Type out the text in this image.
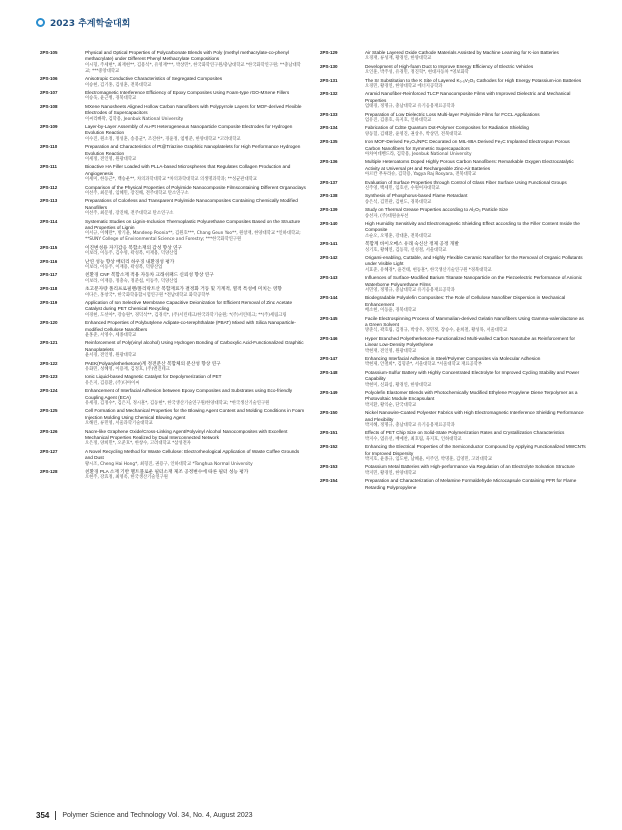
2023 추계학술대회
2PS-105	Physical and Optical Properties of Polycarbonate Blends with Poly (methyl methacrylate-co-phenyl methacrylate) under Different Phenyl Methacrylate Compositions
이시형, 주세현*, 최재현**, 김용석*, 유영재***, 박상민*, 한국화학연구원/충남대학교 *한국화학연구원; **충남대학교; ***중앙대학교
2PS-106	Anisotropic Conductive Characteristics of Segregated Composites
이승현, 김기홍, 김성훈, 전북대학교
2PS-107	Electromagnetic Interference Efficiency of Epoxy Composites Using Foam-type rGO-MXene Fillers
이승욱, 윤근병, 경북대학교
2PS-108	MXene Nanosheets Aligned Hollow Carbon Nanofibers with Polypyrrole Layers for MOF-derived Flexible Electrodes of Supercapacitors
이씨리빠딱, 김학용, Jeonbuk National University
2PS-109	Layer-by-Layer Assembly of Au-Pt Heterogeneous Nanoparticle Composite Electrodes for Hydrogen Evolution Reaction
이수진, 원소정, 정성훈, 송용균*, 조진한*, 경윤정, 염병준, 한양대학교 *고려대학교
2PS-110	Preparation and Characteristics of Pt@Triazine Graphitic Nanoplatelets for High Performance Hydrogen Evolution Reaction
이세정, 전인영, 원광대학교
2PS-111	Bioactive HA Filler Loaded with PLLA-based Microspheres that Regulates Collagen Production and Angiogenesis
이세미, 한동근*, 백승운**, 차의과학대학교 *차의과학대학교 의생명과학과; **성균관대학교
2PS-112	Comparison of the Physical Properties of Polyimide Nanocomposite Filmscontaining Different Organoclays
이선주, 최문영, 임혜민, 장진해, 전주대학교 탄소연구소
2PS-113	Preparations of Colorless and Transparent Polyimide Nanocomposites Containing Chemically Modified Nanofillers
이선주, 최문영, 장진해, 전주대학교 탄소연구소
2PS-114	Systematic Studies on Lignin-Inclusion Thermoplastic Polyurethane Composites Based on the Structure and Properties of Lignin
이서규, 이혜란*, 방기윤, Mandeep Poonia**, 김원호***, Chang Geun Yoo**, 원창재, 한양대학교 *인하대학교; **SUNY College of Environmental Science and Forestry; ***한국화학연구원
2PS-115	이진변성용 자기감응 복합소재의 감성 향상 연구
이보라, 이동주, 김수영, 곽성복, 이재용, 덕양산업
2PS-116	난연 성능 향상 배터리 하우징 내환경성 평가
이보라, 이동주, 이재용, 곽성복, 덕양산업
2PS-117	친환경 CNF 복합소재 적용 자동차 크래쉬패드 신뢰성 향상 연구
이보라, 이재용, 정충숙, 정준섭, 이동주, 덕양산업
2PS-118	초고분자량 폴리프로필렌/폴리락트산 복합재료가 결정화 거동 및 기계적, 열적 특성에 미치는 영향
이다은, 홍창국*, 한국화학융합시험연구원 *전남대학교 화학공학부
2PS-119	Application of Ion Selective Membrane Capacitive Deionization for Efficient Removal of Zinc Acetate Catalyst during PET Chemical Recycling
이경현, 도선아*, 강승원*, 경덕석**, 김경석*, (주)서린테크/한국과학기술원; *(주)서린테크; **(주)세림크링
2PS-120	Enhanced Properties of Polybutylene Adipate-co-terephthalate (PBAT) Mixed with Silica Nanoparticle-modified Cellulose Nanofibers
윤홍준, 서영수, 세종대학교
2PS-121	Reinforcement of Poly(vinyl alcohol) Using Hydrogen Bonding of Carboxylic Acid-Functionalized Graphitic Nanoplatelets
윤서경, 전인영, 원광대학교
2PS-122	PAEK(Polyaryletherketone)계 정전분산 복합체의 분산성 향상 연구
유화민, 성혜영, 이용재, 김정호, (주)엔진테크
2PS-123	Ionic Liquid-based Magnetic Catalyst for Depolymerization of PET
유은지, 김용환, (주)디아이씨
2PS-124	Enhancement of Interfacial Adhesion between Epoxy Composites and Substrates using Eco-friendly Coupling Agent (ECA)
유세경, 김정수*, 김은지, 정시훈*, 김동현*, 한국생산기술연구원/한양대학교; *한국생산기술연구원
2PS-125	Cell Formation and Mechanical Properties for the Blowing Agent Content and Molding Conditions in Foam Injection Molding Using Chemical Blowing Agent
오해린, 류민영, 서울과학기술대학교
2PS-126	Nacre-like Graphene Oxide/Cross-Linking Agent/Polyvinyl Alcohol Nanocomposites with Excellent Mechanical Properties Realized by Dual Interconnected Network
오은정, 양희민*, 오준호*, 한창수, 고려대학교 *삼성전자
2PS-127	A Novel Recycling Method for Waste Cellulose: Electrorheological Application of Waste Coffee Grounds and Dust
왕시조, Cheng Hai Hong*, 최형진, 권용구, 인하대학교 *Tonghua Normal University
2PS-128	친환경 PLA 소재 기반 멜트블로운 필터소재 제조 공정변수에 따른 필터 성능 평가
오현주, 강효정, 최영옥, 한국생산기술연구원
2PS-129	Air Stable Layered Oxide Cathode Materials Assisted by Machine Learning for K-ion Batteries
오경재, 류성재, 황경연, 한양대학교
2PS-130	Development of High-foam Duct to Improve Energy Efficiency of Electric Vehicles
오인훈, 박주성, 유경민, 정진혁*, 현대자동차 *영보화학
2PS-131	The Sr Substitution to the K Site of Layered K₀.₅V₂O₅ Cathodes for High Energy Potassium-ion Batteries
오경민, 황경연, 한양대학교 에너지공학과
2PS-132	Aramid Nanofiber-Reinforced TLCP Nanocomposite Films with Improved Dielectric and Mechanical Properties
엄태경, 정명규, 충남대학교 유기응용재료공학과
2PS-133	Preparation of Low Dielectric Loss Multi-layer Polyimide Films for FCCL Applications
엄유진, 김중호, 육지호, 인하대학교
2PS-134	Fabrication of CdSe Quantum Dot-Polymer Composites for Radiation Shielding
양동혈, 김태환, 윤영진, 권상우, 박상민, 전북대학교
2PS-135	Iron MOF-Derived Fe₃O₄/NPC Decorated on MIL-88A Derived Fe₃C Implanted Electrospun Porous Carbon Nanofibers for Symmetric Supercapacitors
아차여데벤드라, 김학용, Jeonbuk National University
2PS-136	Multiple Heteroatoms Doped Highly Porous Carbon Nanofibers: Remarkable Oxygen Electrocatalytic Activity at Universal pH and Rechargeable Zinc-Air Batteries
아르칸 무투라슈, 김학용, Yagya Raj Rosyara, 전북대학교
2PS-137	Evaluation of Surface Properties through Control of Glass Fiber Surface Using Functional Groups
신주영, 백세민, 임호선, 수원여자대학교
2PS-138	Synthesis of Phosphorus-based Flame Retardant
송은석, 김민관, 김현도, 경북대학교
2PS-139	Study on Thermal Grease Properties according to Al₂O₃ Particle Size
송선자, (주)대원솔루션
2PS-140	High Humidity Sensitivity and Electromagnetic Shielding Effect according to the Filler Content Inside the Composite
소순오, 오명훈, 강대훈, 전북대학교
2PS-141	복합계 바이오매스 유래 숙신산 정제 공정 개발
성기호, 황혜연, 김동혁, 신성철, 서울대학교
2PS-142	Origami-enabling, Cuttable, and Highly Flexible Ceramic Nanofiber for the Removal of Organic Pollutants under Visible Light
서효준, 유혜경*, 윤건태, 현동훈*, 한국생산기술연구원 *경북대학교
2PS-143	Influences of Surface-Modified Barium Titanate Nanoparticle on the Piezoelectric Performance of Anionic Waterborne Polyurethane Films
서민영, 정명규, 충남대학교 유기응용재료공학과
2PS-144	Biodegradable Polyolefin Composites: The Role of Cellulose Nanofiber Dispersion in Mechanical Enhancement
배소현, 이동윤, 경북대학교
2PS-145	Facile Electrospinning Process of Mammalian-derived Gelatin Nanofibers Using Gamma-valerolactone as a Green Solvent
방준식, 곽호림, 김정규, 박상우, 정민정, 장승수, 윤희철, 황성목, 서울대학교
2PS-146	Hyper Branched Polyetherketone-Functionalized Multi-walled Carbon Nanotube as Reinforcement for Linear Low-Density Polyethylene
박현재, 전인영, 원광대학교
2PS-147	Enhancing Interfacial Adhesion in Steel/Polymer Composites via Molecular Adhesion
박현제, 안철희*, 김형준*, 서울대학교 *서울대학교 재료공학부
2PS-148	Potassium-Sulfur Battery with Highly Concentrated Electrolyte for Improved Cycling Stability and Power Capability
박현미, 신화심, 황경연, 한양대학교
2PS-149	Polyolefin Elastomer Blends with Photochemically Modified Ethylene Propylene Diene Terpolymer as a Photovoltaic Module Encapsulant
박지환, 황익순, 단국대학교
2PS-150	Nickel Nanowire-Coated Polyester Fabrics with High Electromagnetic Interference Shielding Performance and Flexibility
박지혜, 정명규, 충남대학교 유기응용재료공학과
2PS-151	Effects of PET Chip Size on Solid-State Polymerization Rates and Crystallization Characteristics
박지수, 염유선, 배예찬, 최호림, 육지호, 인하대학교
2PS-152	Enhancing the Electrical Properties of the Semiconductor Compound by Applying Functionalized MWCNTs for Improved Dispersity
박지호, 윤종규, 임도현, 남혜윤, 이주연, 박명훈, 김영민, 고려대학교
2PS-153	Potassium Metal Batteries with High-performance via Regulation of an Electrolyte Solvation Structure
박지민, 황경연, 한양대학교
2PS-154	Preparation and Characterization of Melamine Formaldehyde Microcapsule Containing PFR for Flame Retarding Polypropylene
354 Polymer Science and Technology Vol. 34, No. 4, August 2023
